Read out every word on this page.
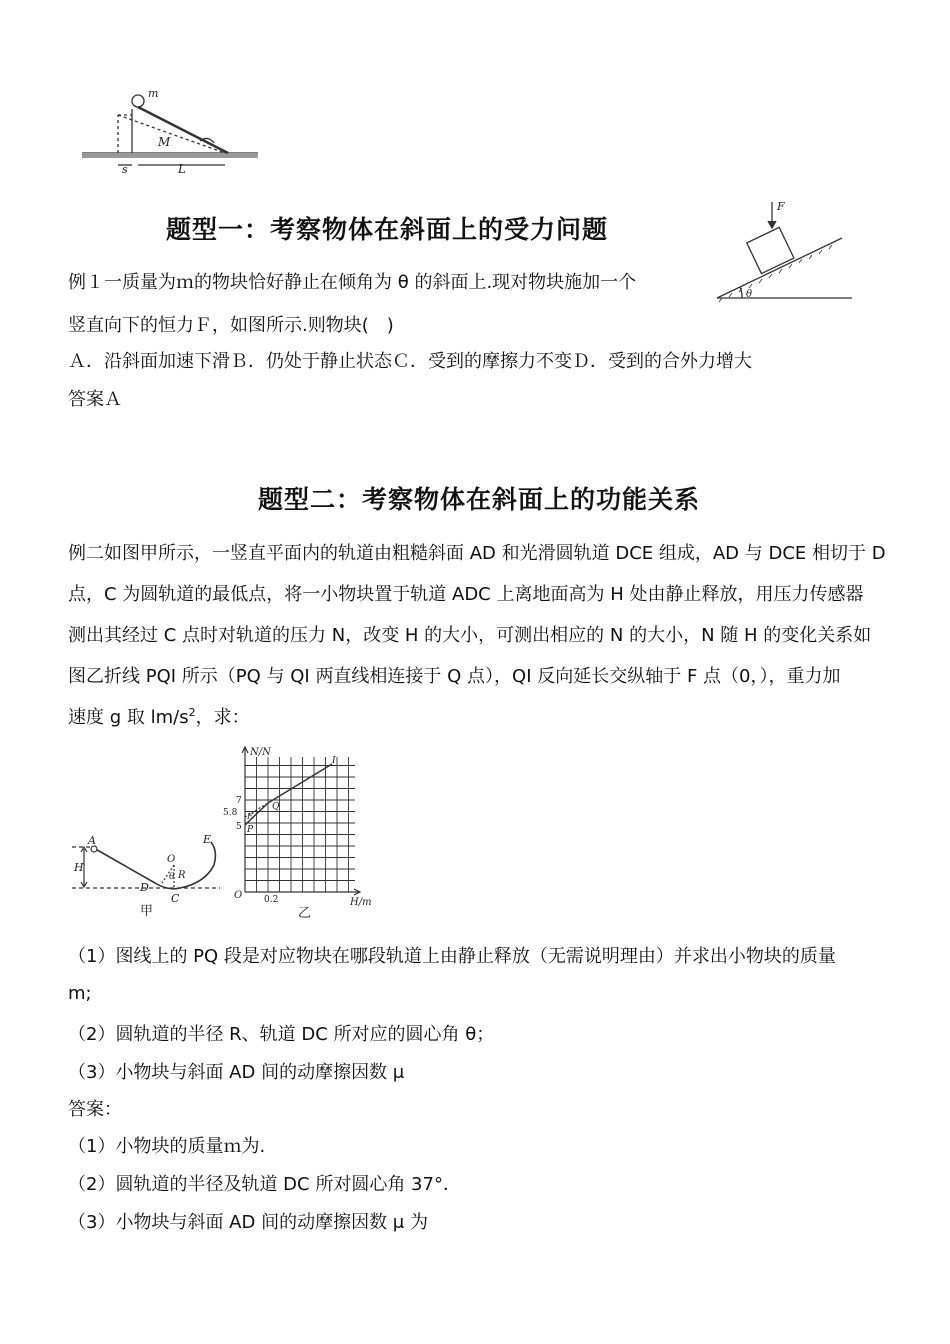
m
M
s	L
F
θ
题型一：考察物体在斜面上的受力问题
例１一质量为ｍ的物块恰好静止在倾角为 θ 的斜面上.现对物块施加一个
竖直向下的恒力Ｆ，如图所示.则物块(　)
Ａ．沿斜面加速下滑Ｂ．仍处于静止状态Ｃ．受到的摩擦力不变Ｄ．受到的合外力增大
答案Ａ
题型二：考察物体在斜面上的功能关系
例二如图甲所示，一竖直平面内的轨道由粗糙斜面 AD 和光滑圆轨道 DCE 组成，AD 与 DCE 相切于 D
点，C 为圆轨道的最低点，将一小物块置于轨道 ADC 上离地面高为 H 处由静止释放，用压力传感器
测出其经过 C 点时对轨道的压力 N，改变 H 的大小，可测出相应的 N 的大小，N 随 H 的变化关系如
图乙折线 PQI 所示（PQ 与 QI 两直线相连接于 Q 点），QI 反向延长交纵轴于 F 点（0，），重力加
速度 g 取 $lm/s^2$，求：
A
H
D
C
O
θ R
E
甲
N/N
H/m
O
7
5.8
5
0.2
P
Q
I
F
乙
（1）图线上的 PQ 段是对应物块在哪段轨道上由静止释放（无需说明理由）并求出小物块的质量
m;
（2）圆轨道的半径 R、轨道 DC 所对应的圆心角 θ；
（3）小物块与斜面 AD 间的动摩擦因数 μ
答案：
（1）小物块的质量ｍ为.
（2）圆轨道的半径及轨道 DC 所对圆心角 37°．
（3）小物块与斜面 AD 间的动摩擦因数 μ 为
